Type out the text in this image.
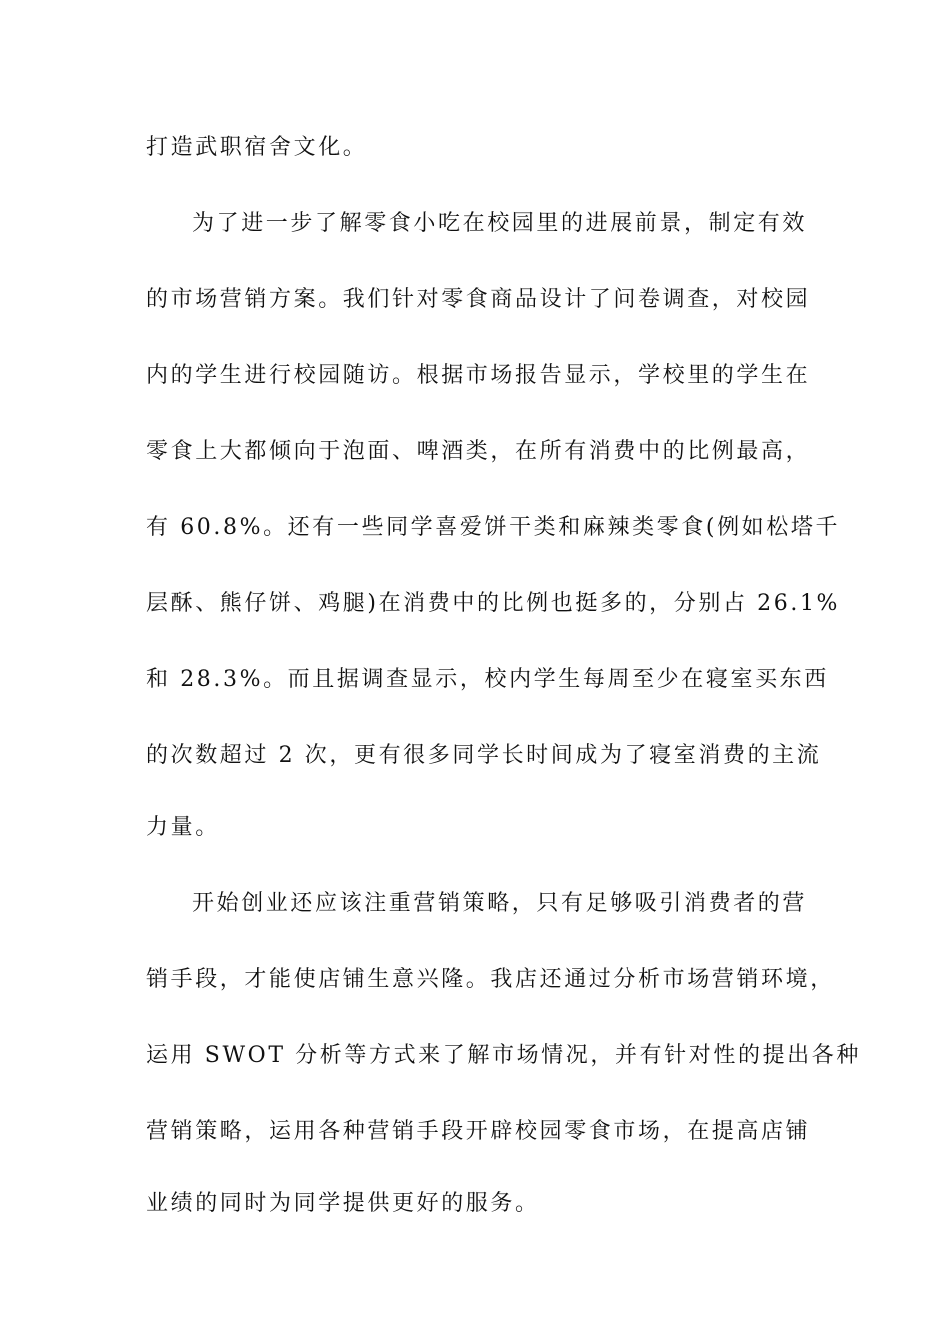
打造武职宿舍文化。
为了进一步了解零食小吃在校园里的进展前景，制定有效
的市场营销方案。我们针对零食商品设计了问卷调查，对校园
内的学生进行校园随访。根据市场报告显示，学校里的学生在
零食上大都倾向于泡面、啤酒类，在所有消费中的比例最高，
有 60.8%。还有一些同学喜爱饼干类和麻辣类零食(例如松塔千
层酥、熊仔饼、鸡腿)在消费中的比例也挺多的，分别占 26.1%
和 28.3%。而且据调查显示，校内学生每周至少在寝室买东西
的次数超过 2 次，更有很多同学长时间成为了寝室消费的主流
力量。
开始创业还应该注重营销策略，只有足够吸引消费者的营
销手段，才能使店铺生意兴隆。我店还通过分析市场营销环境，
运用 SWOT 分析等方式来了解市场情况，并有针对性的提出各种
营销策略，运用各种营销手段开辟校园零食市场，在提高店铺
业绩的同时为同学提供更好的服务。
